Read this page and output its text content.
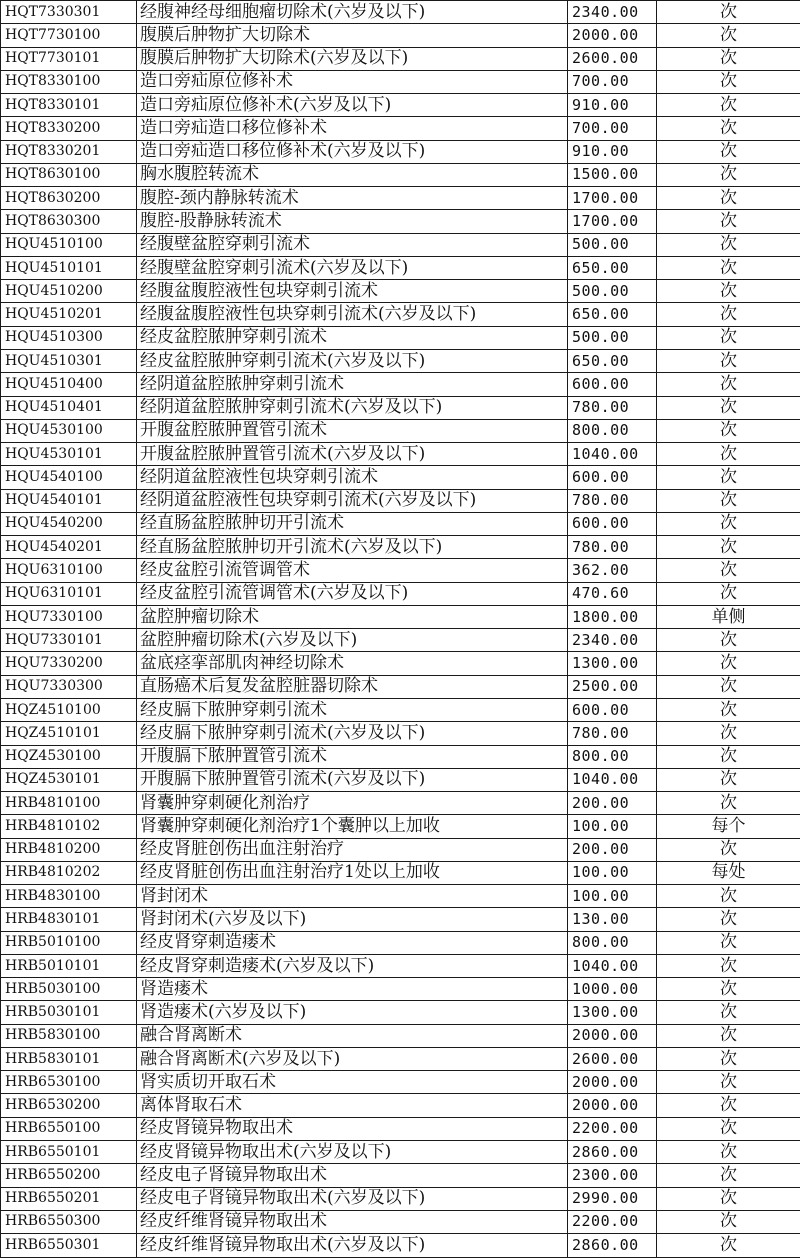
HQT7330301	经腹神经母细胞瘤切除术(六岁及以下)	2340.00	次
HQT7730100	腹膜后肿物扩大切除术	2000.00	次
HQT7730101	腹膜后肿物扩大切除术(六岁及以下)	2600.00	次
HQT8330100	造口旁疝原位修补术	700.00	次
HQT8330101	造口旁疝原位修补术(六岁及以下)	910.00	次
HQT8330200	造口旁疝造口移位修补术	700.00	次
HQT8330201	造口旁疝造口移位修补术(六岁及以下)	910.00	次
HQT8630100	胸水腹腔转流术	1500.00	次
HQT8630200	腹腔-颈内静脉转流术	1700.00	次
HQT8630300	腹腔-股静脉转流术	1700.00	次
HQU4510100	经腹壁盆腔穿刺引流术	500.00	次
HQU4510101	经腹壁盆腔穿刺引流术(六岁及以下)	650.00	次
HQU4510200	经腹盆腹腔液性包块穿刺引流术	500.00	次
HQU4510201	经腹盆腹腔液性包块穿刺引流术(六岁及以下)	650.00	次
HQU4510300	经皮盆腔脓肿穿刺引流术	500.00	次
HQU4510301	经皮盆腔脓肿穿刺引流术(六岁及以下)	650.00	次
HQU4510400	经阴道盆腔脓肿穿刺引流术	600.00	次
HQU4510401	经阴道盆腔脓肿穿刺引流术(六岁及以下)	780.00	次
HQU4530100	开腹盆腔脓肿置管引流术	800.00	次
HQU4530101	开腹盆腔脓肿置管引流术(六岁及以下)	1040.00	次
HQU4540100	经阴道盆腔液性包块穿刺引流术	600.00	次
HQU4540101	经阴道盆腔液性包块穿刺引流术(六岁及以下)	780.00	次
HQU4540200	经直肠盆腔脓肿切开引流术	600.00	次
HQU4540201	经直肠盆腔脓肿切开引流术(六岁及以下)	780.00	次
HQU6310100	经皮盆腔引流管调管术	362.00	次
HQU6310101	经皮盆腔引流管调管术(六岁及以下)	470.60	次
HQU7330100	盆腔肿瘤切除术	1800.00	单侧
HQU7330101	盆腔肿瘤切除术(六岁及以下)	2340.00	次
HQU7330200	盆底痉挛部肌肉神经切除术	1300.00	次
HQU7330300	直肠癌术后复发盆腔脏器切除术	2500.00	次
HQZ4510100	经皮膈下脓肿穿刺引流术	600.00	次
HQZ4510101	经皮膈下脓肿穿刺引流术(六岁及以下)	780.00	次
HQZ4530100	开腹膈下脓肿置管引流术	800.00	次
HQZ4530101	开腹膈下脓肿置管引流术(六岁及以下)	1040.00	次
HRB4810100	肾囊肿穿刺硬化剂治疗	200.00	次
HRB4810102	肾囊肿穿刺硬化剂治疗1个囊肿以上加收	100.00	每个
HRB4810200	经皮肾脏创伤出血注射治疗	200.00	次
HRB4810202	经皮肾脏创伤出血注射治疗1处以上加收	100.00	每处
HRB4830100	肾封闭术	100.00	次
HRB4830101	肾封闭术(六岁及以下)	130.00	次
HRB5010100	经皮肾穿刺造瘘术	800.00	次
HRB5010101	经皮肾穿刺造瘘术(六岁及以下)	1040.00	次
HRB5030100	肾造瘘术	1000.00	次
HRB5030101	肾造瘘术(六岁及以下)	1300.00	次
HRB5830100	融合肾离断术	2000.00	次
HRB5830101	融合肾离断术(六岁及以下)	2600.00	次
HRB6530100	肾实质切开取石术	2000.00	次
HRB6530200	离体肾取石术	2000.00	次
HRB6550100	经皮肾镜异物取出术	2200.00	次
HRB6550101	经皮肾镜异物取出术(六岁及以下)	2860.00	次
HRB6550200	经皮电子肾镜异物取出术	2300.00	次
HRB6550201	经皮电子肾镜异物取出术(六岁及以下)	2990.00	次
HRB6550300	经皮纤维肾镜异物取出术	2200.00	次
HRB6550301	经皮纤维肾镜异物取出术(六岁及以下)	2860.00	次
